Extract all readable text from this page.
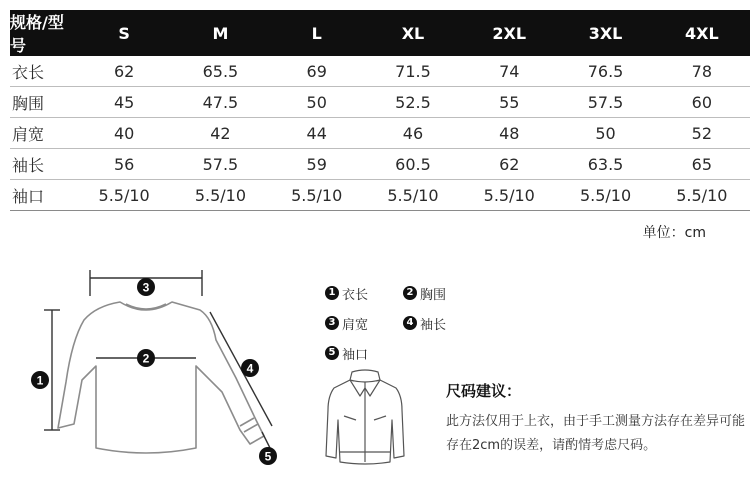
规格/型号	S	M	L	XL	2XL	3XL	4XL
衣长	62	65.5	69	71.5	74	76.5	78
胸围	45	47.5	50	52.5	55	57.5	60
肩宽	40	42	44	46	48	50	52
袖长	56	57.5	59	60.5	62	63.5	65
袖口	5.5/10	5.5/10	5.5/10	5.5/10	5.5/10	5.5/10	5.5/10
单位：cm
3
2
1
4
5
1 衣长	2 胸围
3 肩宽	4 袖长
5 袖口
尺码建议：
此方法仅用于上衣，由于手工测量方法存在差异可能存在2cm的误差，请酌情考虑尺码。
